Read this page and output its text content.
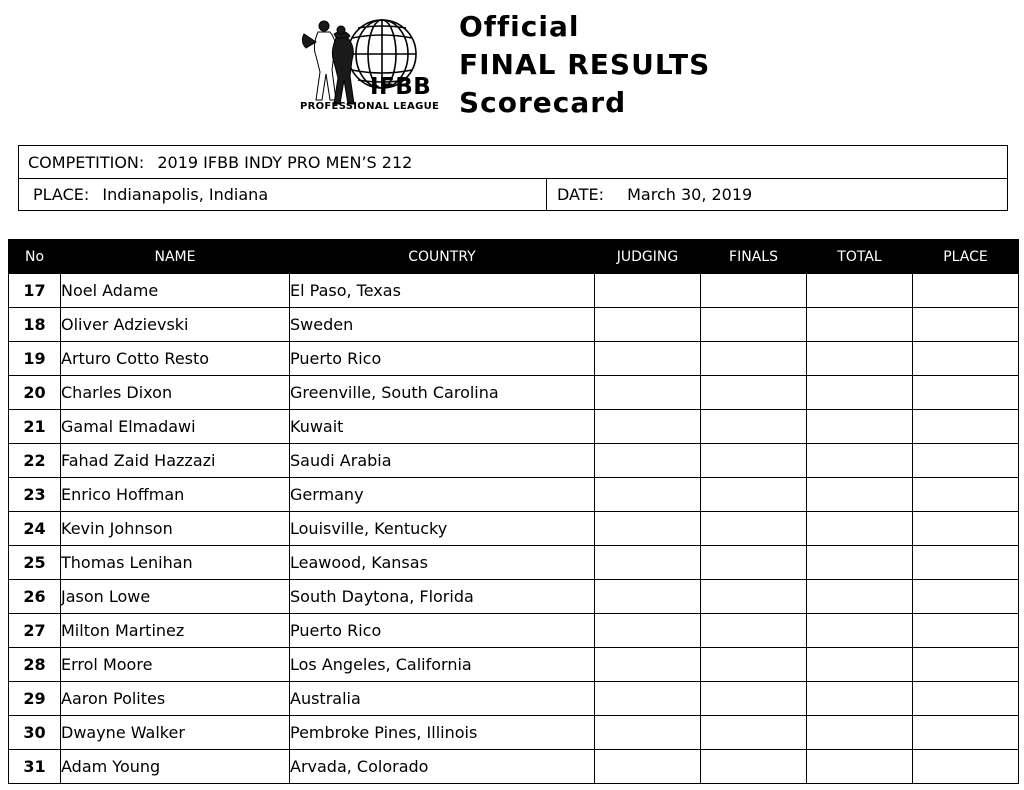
IFBB
PROFESSIONAL LEAGUE
Official
FINAL RESULTS
Scorecard
COMPETITION: 2019 IFBB INDY PRO MEN’S 212
PLACE: Indianapolis, Indiana	DATE: March 30, 2019
No	NAME	COUNTRY	JUDGING	FINALS	TOTAL	PLACE
17	Noel Adame	El Paso, Texas				
18	Oliver Adzievski	Sweden				
19	Arturo Cotto Resto	Puerto Rico				
20	Charles Dixon	Greenville, South Carolina				
21	Gamal Elmadawi	Kuwait				
22	Fahad Zaid Hazzazi	Saudi Arabia				
23	Enrico Hoffman	Germany				
24	Kevin Johnson	Louisville, Kentucky				
25	Thomas Lenihan	Leawood, Kansas				
26	Jason Lowe	South Daytona, Florida				
27	Milton Martinez	Puerto Rico				
28	Errol Moore	Los Angeles, California				
29	Aaron Polites	Australia				
30	Dwayne Walker	Pembroke Pines, Illinois				
31	Adam Young	Arvada, Colorado				
